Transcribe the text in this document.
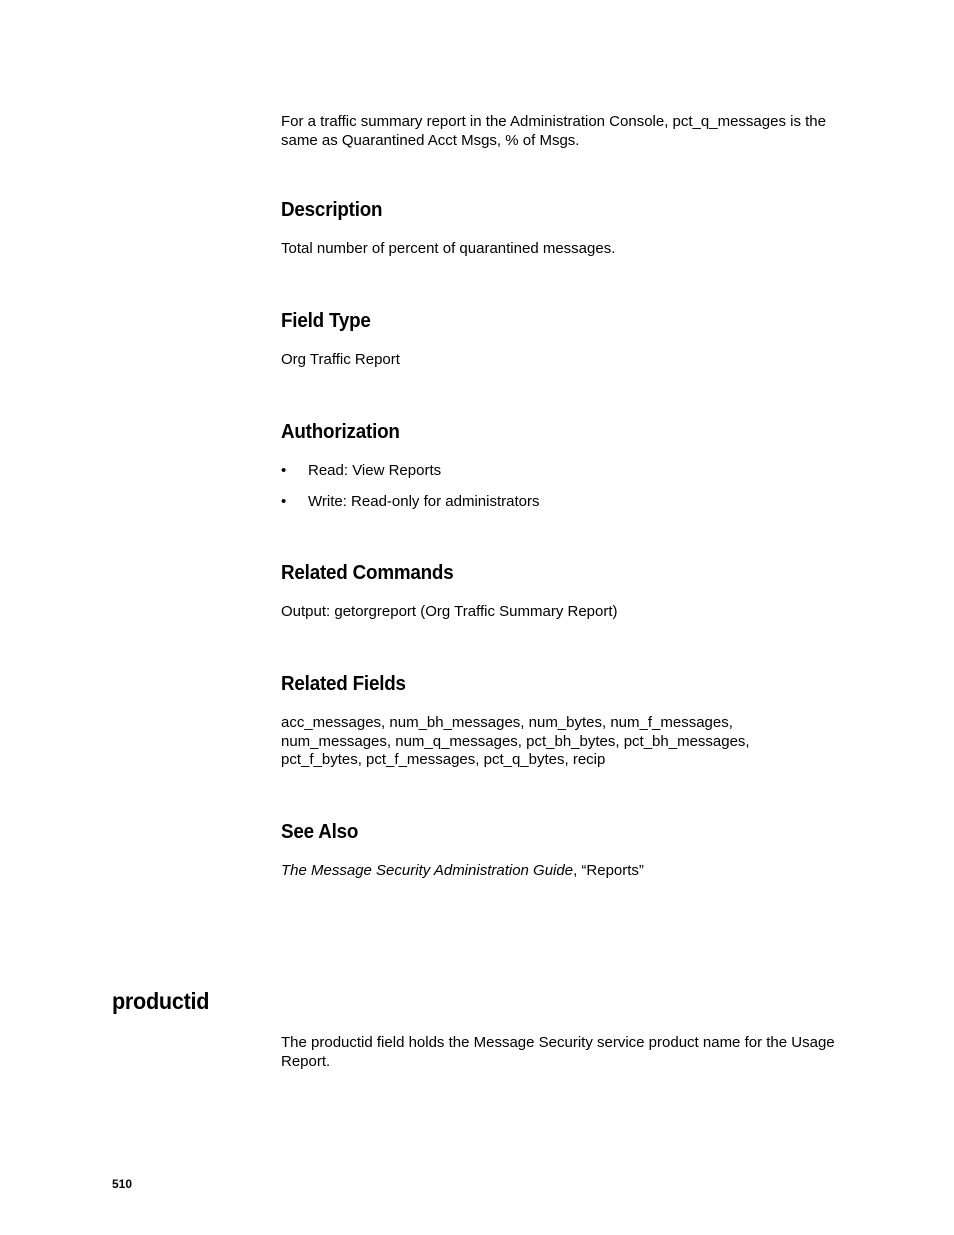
For a traffic summary report in the Administration Console, pct_q_messages is the same as Quarantined Acct Msgs, % of Msgs.

Description

Total number of percent of quarantined messages.

Field Type

Org Traffic Report

Authorization
• Read: View Reports
• Write: Read-only for administrators
Related Commands

Output: getorgreport (Org Traffic Summary Report)

Related Fields

acc_messages, num_bh_messages, num_bytes, num_f_messages,

num_messages, num_q_messages, pct_bh_bytes, pct_bh_messages,

pct_f_bytes, pct_f_messages, pct_q_bytes, recip

See Also

The Message Security Administration Guide, “Reports”

productid

The productid field holds the Message Security service product name for the Usage Report.

510
